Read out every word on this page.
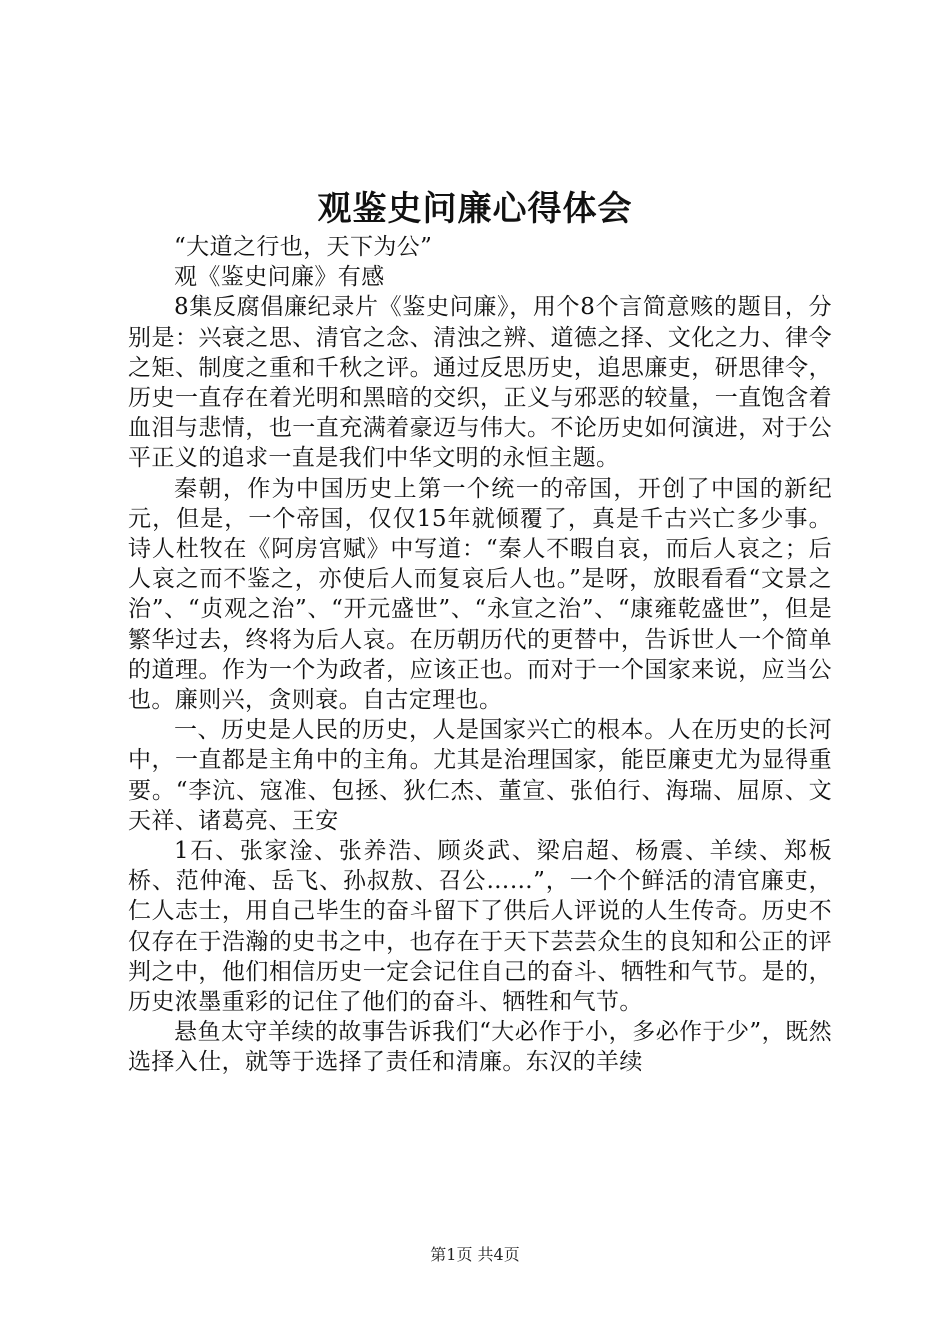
观鉴史问廉心得体会

“大道之行也，天下为公”

观《鉴史问廉》有感

8集反腐倡廉纪录片《鉴史问廉》，用个8个言简意赅的题目，分别是：兴衰之思、清官之念、清浊之辨、道德之择、文化之力、律令之矩、制度之重和千秋之评。通过反思历史，追思廉吏，研思律令，历史一直存在着光明和黑暗的交织，正义与邪恶的较量，一直饱含着血泪与悲情，也一直充满着豪迈与伟大。不论历史如何演进，对于公平正义的追求一直是我们中华文明的永恒主题。

秦朝，作为中国历史上第一个统一的帝国，开创了中国的新纪元，但是，一个帝国，仅仅15年就倾覆了，真是千古兴亡多少事。诗人杜牧在《阿房宫赋》中写道：“秦人不暇自哀，而后人哀之；后人哀之而不鉴之，亦使后人而复哀后人也。”是呀，放眼看看“文景之治”、“贞观之治”、“开元盛世”、“永宣之治”、“康雍乾盛世”，但是繁华过去，终将为后人哀。在历朝历代的更替中，告诉世人一个简单的道理。作为一个为政者，应该正也。而对于一个国家来说，应当公也。廉则兴，贪则衰。自古定理也。

一、历史是人民的历史，人是国家兴亡的根本。人在历史的长河中，一直都是主角中的主角。尤其是治理国家，能臣廉吏尤为显得重要。“李沆、寇准、包拯、狄仁杰、董宣、张伯行、海瑞、屈原、文天祥、诸葛亮、王安

1石、张家淦、张养浩、顾炎武、梁启超、杨震、羊续、郑板桥、范仲淹、岳飞、孙叔敖、召公……”，一个个鲜活的清官廉吏，仁人志士，用自己毕生的奋斗留下了供后人评说的人生传奇。历史不仅存在于浩瀚的史书之中，也存在于天下芸芸众生的良知和公正的评判之中，他们相信历史一定会记住自己的奋斗、牺牲和气节。是的，历史浓墨重彩的记住了他们的奋斗、牺牲和气节。

悬鱼太守羊续的故事告诉我们“大必作于小，多必作于少”，既然选择入仕，就等于选择了责任和清廉。东汉的羊续

第1页 共4页
